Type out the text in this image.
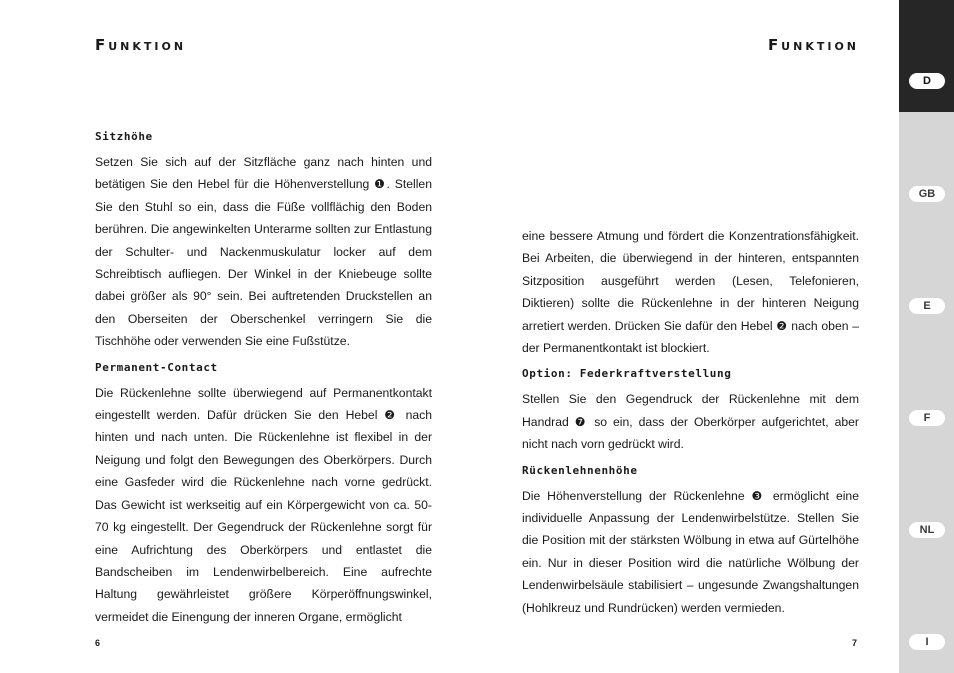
Funktion	Funktion
Sitzhöhe

Setzen Sie sich auf der Sitzfläche ganz nach hinten und betätigen Sie den Hebel für die Höhenverstellung ❶. Stellen Sie den Stuhl so ein, dass die Füße vollflächig den Boden berühren. Die angewinkelten Unterarme sollten zur Entlastung der Schulter- und Nackenmuskulatur locker auf dem Schreibtisch aufliegen. Der Winkel in der Kniebeuge sollte dabei größer als 90° sein. Bei auftretenden Druckstellen an den Oberseiten der Oberschenkel verringern Sie die Tischhöhe oder verwenden Sie eine Fußstütze.

Permanent-Contact

Die Rückenlehne sollte überwiegend auf Permanentkontakt eingestellt werden. Dafür drücken Sie den Hebel ❷ nach hinten und nach unten. Die Rückenlehne ist flexibel in der Neigung und folgt den Bewegungen des Oberkörpers. Durch eine Gasfeder wird die Rückenlehne nach vorne gedrückt. Das Gewicht ist werkseitig auf ein Körpergewicht von ca. 50-70 kg eingestellt. Der Gegendruck der Rückenlehne sorgt für eine Aufrichtung des Oberkörpers und entlastet die Bandscheiben im Lendenwirbelbereich. Eine aufrechte Haltung gewährleistet größere Körperöffnungswinkel, vermeidet die Einengung der inneren Organe, ermöglicht

eine bessere Atmung und fördert die Konzentrationsfähigkeit. Bei Arbeiten, die überwiegend in der hinteren, entspannten Sitzposition ausgeführt werden (Lesen, Telefonieren, Diktieren) sollte die Rückenlehne in der hinteren Neigung arretiert werden. Drücken Sie dafür den Hebel ❷ nach oben – der Permanentkontakt ist blockiert.

Option: Federkraftverstellung

Stellen Sie den Gegendruck der Rückenlehne mit dem Handrad ❼ so ein, dass der Oberkörper aufgerichtet, aber nicht nach vorn gedrückt wird.

Rückenlehnenhöhe

Die Höhenverstellung der Rückenlehne ❸ ermöglicht eine individuelle Anpassung der Lendenwirbelstütze. Stellen Sie die Position mit der stärksten Wölbung in etwa auf Gürtelhöhe ein. Nur in dieser Position wird die natürliche Wölbung der Lendenwirbelsäule stabilisiert – ungesunde Zwangshaltungen (Hohlkreuz und Rundrücken) werden vermieden.

6	7
D
GB
E
F
NL
I
